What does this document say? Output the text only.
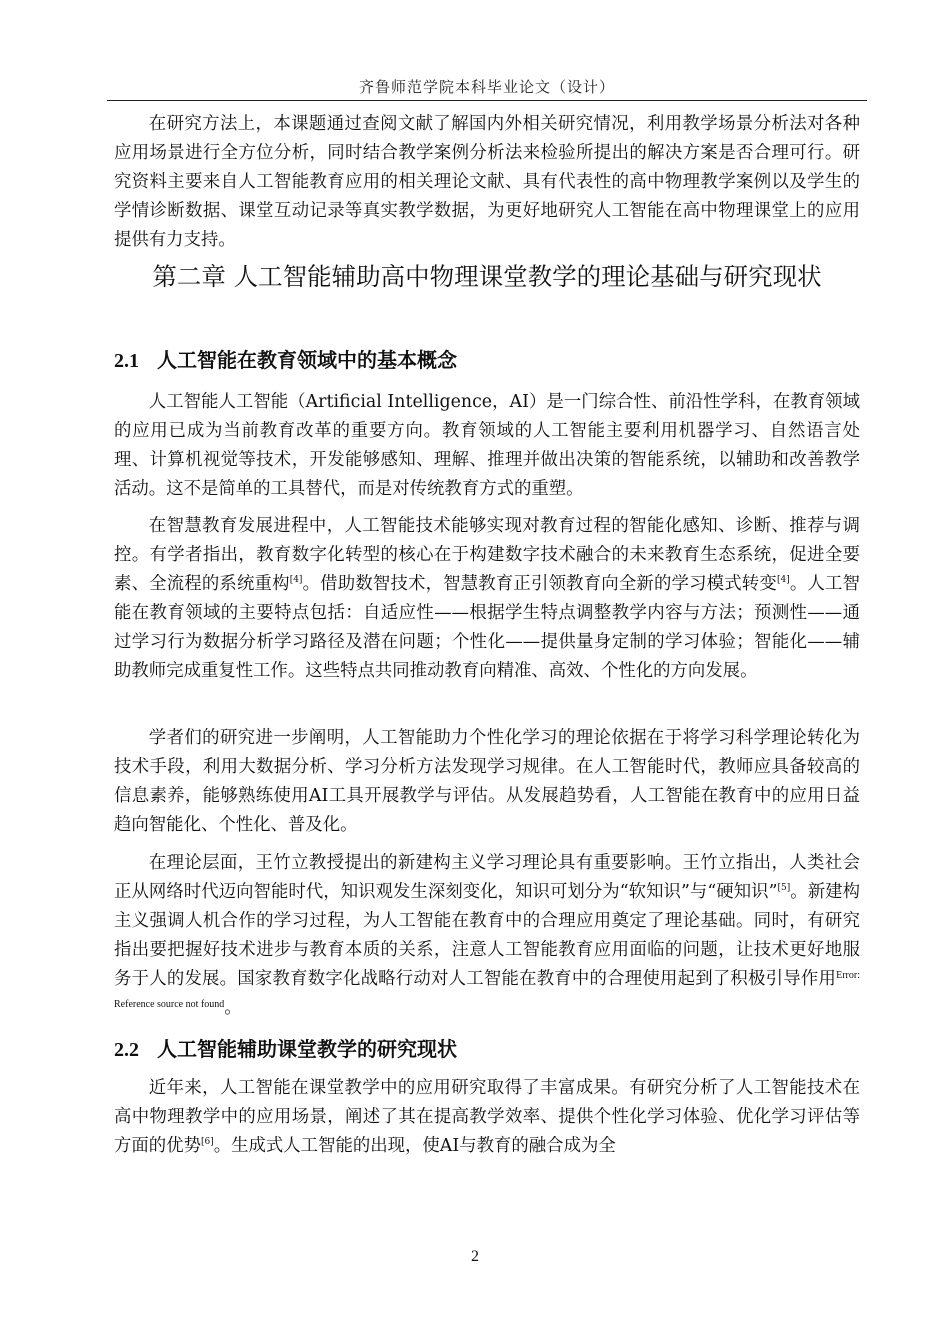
齐鲁师范学院本科毕业论文（设计）

在研究方法上，本课题通过查阅文献了解国内外相关研究情况，利用教学场景分析法对各种应用场景进行全方位分析，同时结合教学案例分析法来检验所提出的解决方案是否合理可行。研究资料主要来自人工智能教育应用的相关理论文献、具有代表性的高中物理教学案例以及学生的学情诊断数据、课堂互动记录等真实教学数据，为更好地研究人工智能在高中物理课堂上的应用提供有力支持。

第二章 人工智能辅助高中物理课堂教学的理论基础与研究现状
2.1 人工智能在教育领域中的基本概念

人工智能人工智能（Artificial Intelligence，AI）是一门综合性、前沿性学科，在教育领域的应用已成为当前教育改革的重要方向。教育领域的人工智能主要利用机器学习、自然语言处理、计算机视觉等技术，开发能够感知、理解、推理并做出决策的智能系统，以辅助和改善教学活动。这不是简单的工具替代，而是对传统教育方式的重塑。

在智慧教育发展进程中，人工智能技术能够实现对教育过程的智能化感知、诊断、推荐与调控。有学者指出，教育数字化转型的核心在于构建数字技术融合的未来教育生态系统，促进全要素、全流程的系统重构[4]。借助数智技术，智慧教育正引领教育向全新的学习模式转变[4]。人工智能在教育领域的主要特点包括：自适应性——根据学生特点调整教学内容与方法；预测性——通过学习行为数据分析学习路径及潜在问题；个性化——提供量身定制的学习体验；智能化——辅助教师完成重复性工作。这些特点共同推动教育向精准、高效、个性化的方向发展。

学者们的研究进一步阐明，人工智能助力个性化学习的理论依据在于将学习科学理论转化为技术手段，利用大数据分析、学习分析方法发现学习规律。在人工智能时代，教师应具备较高的信息素养，能够熟练使用AI工具开展教学与评估。从发展趋势看，人工智能在教育中的应用日益趋向智能化、个性化、普及化。

在理论层面，王竹立教授提出的新建构主义学习理论具有重要影响。王竹立指出，人类社会正从网络时代迈向智能时代，知识观发生深刻变化，知识可划分为“软知识”与“硬知识”[5]。新建构主义强调人机合作的学习过程，为人工智能在教育中的合理应用奠定了理论基础。同时，有研究指出要把握好技术进步与教育本质的关系，注意人工智能教育应用面临的问题，让技术更好地服务于人的发展。国家教育数字化战略行动对人工智能在教育中的合理使用起到了积极引导作用$^{Error: Reference source not found}$。

2.2 人工智能辅助课堂教学的研究现状

近年来，人工智能在课堂教学中的应用研究取得了丰富成果。有研究分析了人工智能技术在高中物理教学中的应用场景，阐述了其在提高教学效率、提供个性化学习体验、优化学习评估等方面的优势[6]。生成式人工智能的出现，使AI与教育的融合成为全

2
